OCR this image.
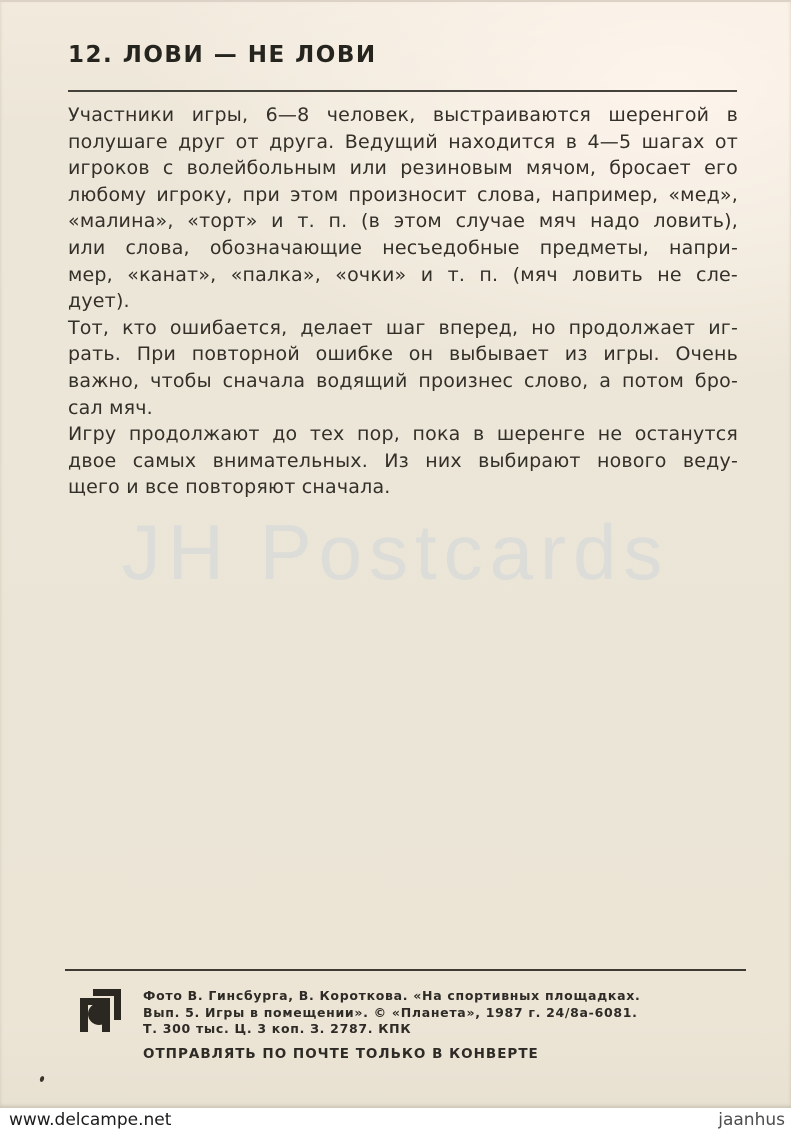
12. ЛОВИ — НЕ ЛОВИ
Участники игры, 6—8 человек, выстраиваются шеренгой в
полушаге друг от друга. Ведущий находится в 4—5 шагах от
игроков с волейбольным или резиновым мячом, бросает его
любому игроку, при этом произносит слова, например, «мед»,
«малина», «торт» и т. п. (в этом случае мяч надо ловить),
или слова, обозначающие несъедобные предметы, напри-
мер, «канат», «палка», «очки» и т. п. (мяч ловить не сле-
дует).
Тот, кто ошибается, делает шаг вперед, но продолжает иг-
рать. При повторной ошибке он выбывает из игры. Очень
важно, чтобы сначала водящий произнес слово, а потом бро-
сал мяч.
Игру продолжают до тех пор, пока в шеренге не останутся
двое самых внимательных. Из них выбирают нового веду-
щего и все повторяют сначала.
JH Postcards
Фото В. Гинсбурга, В. Короткова. «На спортивных площадках.
Вып. 5. Игры в помещении». © «Планета», 1987 г. 24/8а-6081.
Т. 300 тыс. Ц. 3 коп. З. 2787. КПК
ОТПРАВЛЯТЬ ПО ПОЧТЕ ТОЛЬКО В КОНВЕРТЕ
www.delcampe.net	jaanhus
